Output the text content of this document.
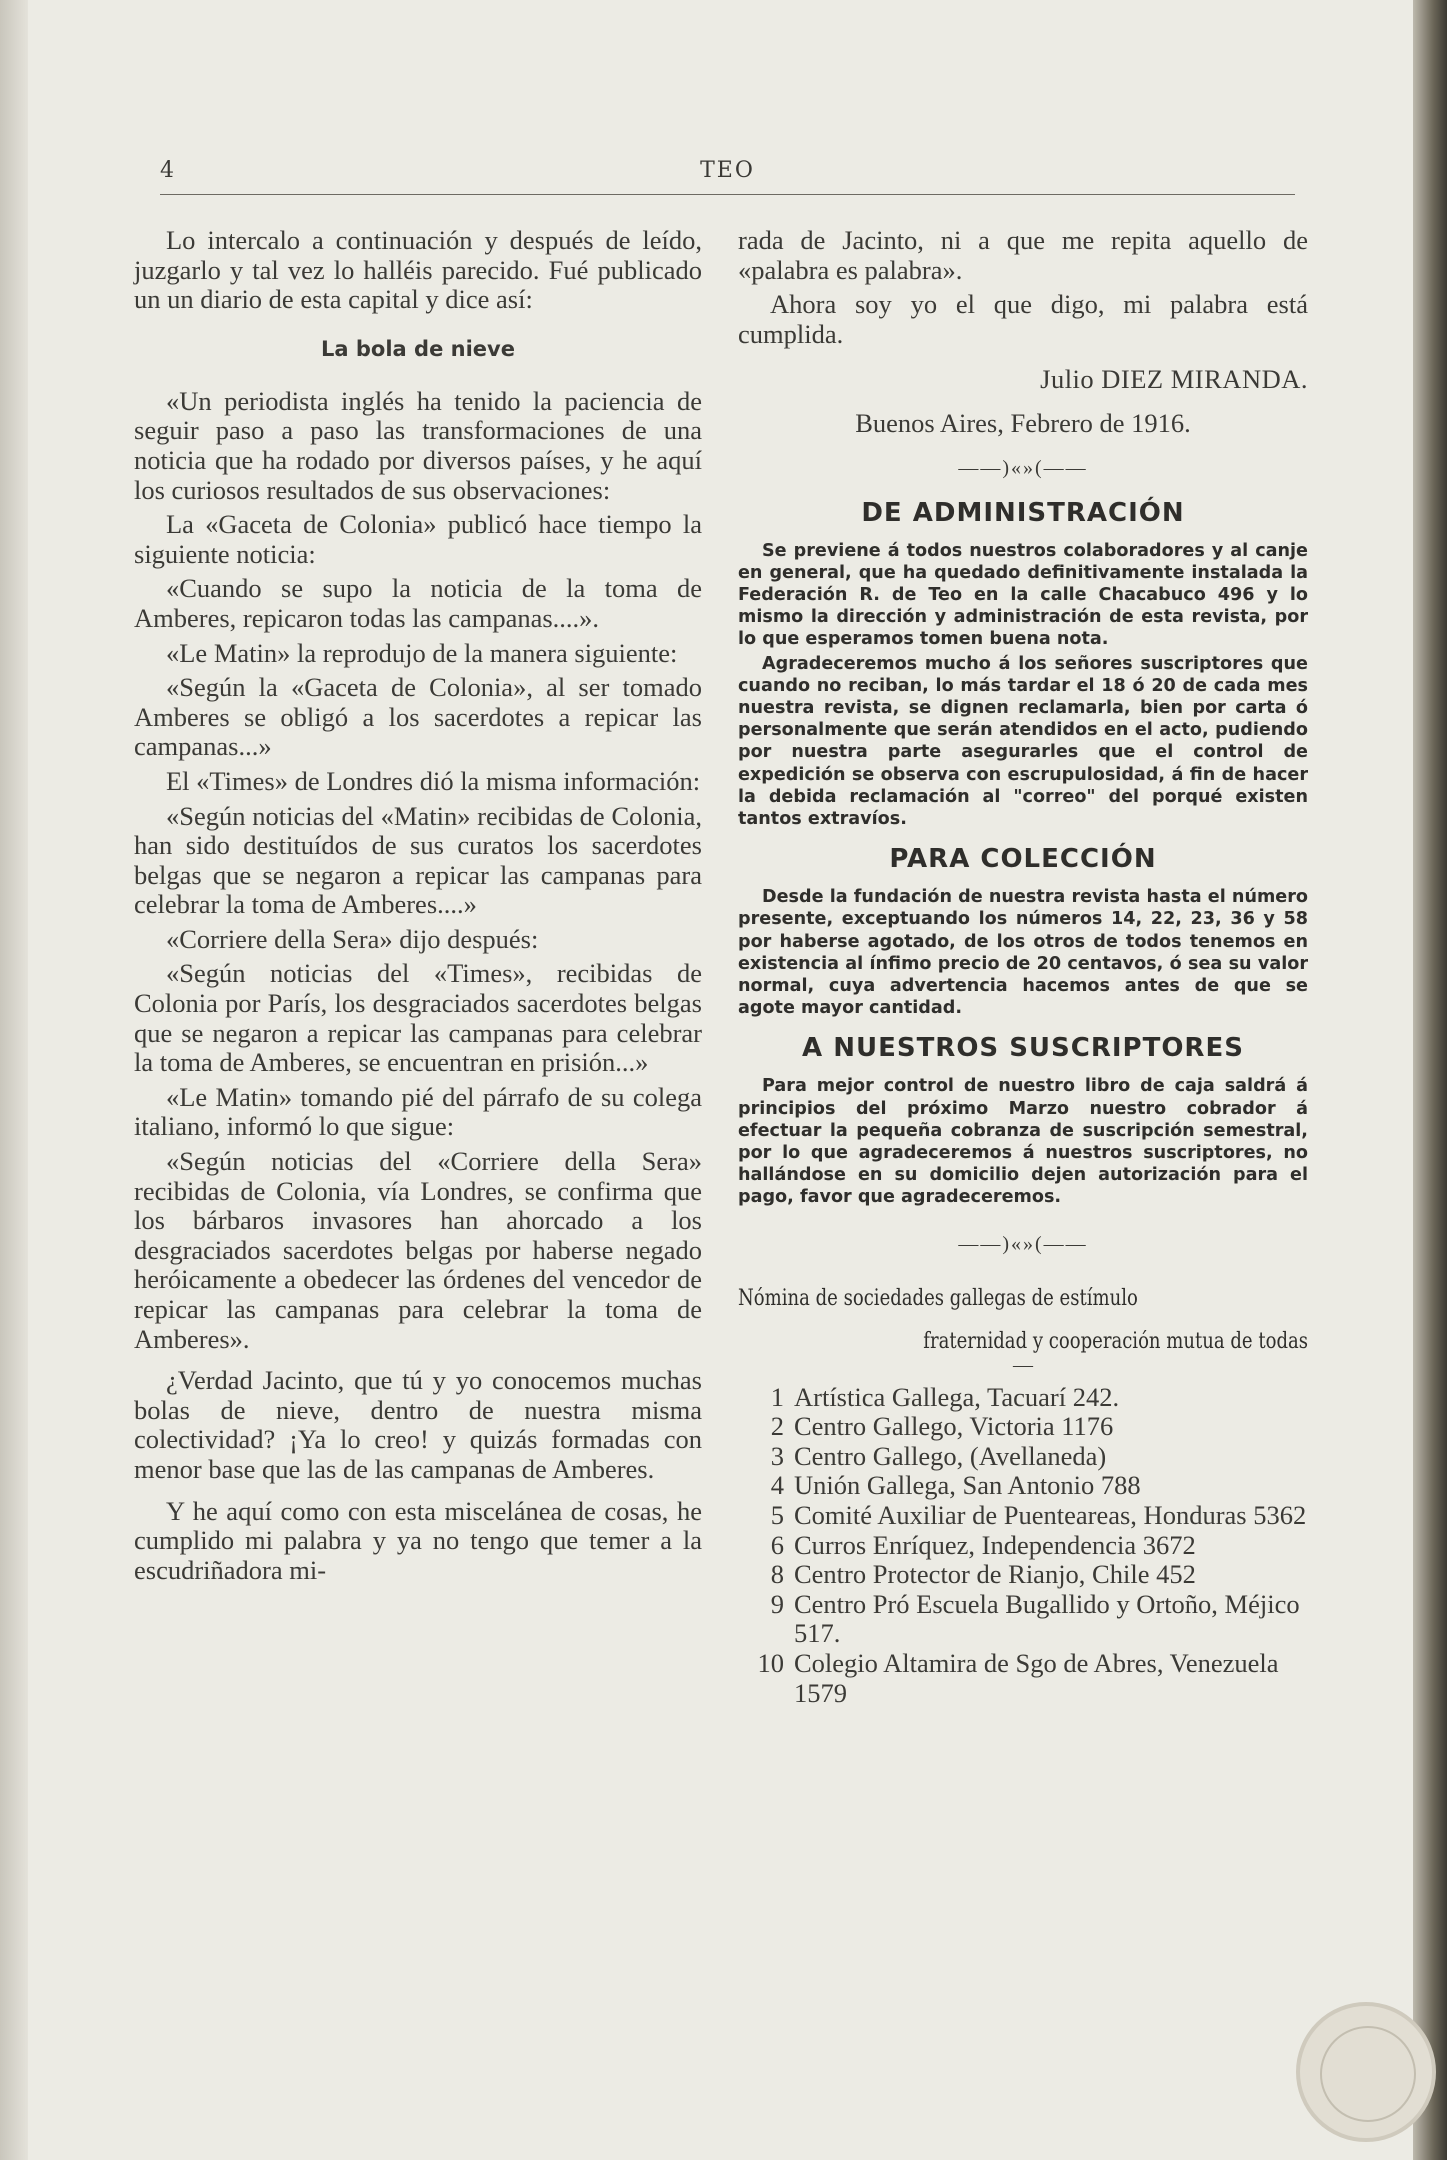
4	TEO

Lo intercalo a continuación y después de leído, juzgarlo y tal vez lo halléis parecido. Fué publicado un un diario de esta capital y dice así:

La bola de nieve

«Un periodista inglés ha tenido la paciencia de seguir paso a paso las transformaciones de una noticia que ha rodado por diversos países, y he aquí los curiosos resultados de sus observaciones:

La «Gaceta de Colonia» publicó hace tiempo la siguiente noticia:

«Cuando se supo la noticia de la toma de Amberes, repicaron todas las campanas....».

«Le Matin» la reprodujo de la manera siguiente:

«Según la «Gaceta de Colonia», al ser tomado Amberes se obligó a los sacerdotes a repicar las campanas...»

El «Times» de Londres dió la misma información:

«Según noticias del «Matin» recibidas de Colonia, han sido destituídos de sus curatos los sacerdotes belgas que se negaron a repicar las campanas para celebrar la toma de Amberes....»

«Corriere della Sera» dijo después:

«Según noticias del «Times», recibidas de Colonia por París, los desgraciados sacerdotes belgas que se negaron a repicar las campanas para celebrar la toma de Amberes, se encuentran en prisión...»

«Le Matin» tomando pié del párrafo de su colega italiano, informó lo que sigue:

«Según noticias del «Corriere della Sera» recibidas de Colonia, vía Londres, se confirma que los bárbaros invasores han ahorcado a los desgraciados sacerdotes belgas por haberse negado heróicamente a obedecer las órdenes del vencedor de repicar las campanas para celebrar la toma de Amberes».

¿Verdad Jacinto, que tú y yo conocemos muchas bolas de nieve, dentro de nuestra misma colectividad? ¡Ya lo creo! y quizás formadas con menor base que las de las campanas de Amberes.

Y he aquí como con esta miscelánea de cosas, he cumplido mi palabra y ya no tengo que temer a la escudriñadora mi-

rada de Jacinto, ni a que me repita aquello de «palabra es palabra».

Ahora soy yo el que digo, mi palabra está cumplida.

Julio DIEZ MIRANDA.
Buenos Aires, Febrero de 1916.
——)«»(——
DE ADMINISTRACIÓN

Se previene á todos nuestros colaboradores y al canje en general, que ha quedado definitivamente instalada la Federación R. de Teo en la calle Chacabuco 496 y lo mismo la dirección y administración de esta revista, por lo que esperamos tomen buena nota.

Agradeceremos mucho á los señores suscriptores que cuando no reciban, lo más tardar el 18 ó 20 de cada mes nuestra revista, se dignen reclamarla, bien por carta ó personalmente que serán atendidos en el acto, pudiendo por nuestra parte asegurarles que el control de expedición se observa con escrupulosidad, á fin de hacer la debida reclamación al "correo" del porqué existen tantos extravíos.

PARA COLECCIÓN

Desde la fundación de nuestra revista hasta el número presente, exceptuando los números 14, 22, 23, 36 y 58 por haberse agotado, de los otros de todos tenemos en existencia al ínfimo precio de 20 centavos, ó sea su valor normal, cuya advertencia hacemos antes de que se agote mayor cantidad.

A NUESTROS SUSCRIPTORES

Para mejor control de nuestro libro de caja saldrá á principios del próximo Marzo nuestro cobrador á efectuar la pequeña cobranza de suscripción semestral, por lo que agradeceremos á nuestros suscriptores, no hallándose en su domicilio dejen autorización para el pago, favor que agradeceremos.

——)«»(——
Nómina de sociedades gallegas de estímulo
fraternidad y cooperación mutua de todas
—
1 Artística Gallega, Tacuarí 242.
2 Centro Gallego, Victoria 1176
3 Centro Gallego, (Avellaneda)
4 Unión Gallega, San Antonio 788
5 Comité Auxiliar de Puenteareas, Honduras 5362
6 Curros Enríquez, Independencia 3672
8 Centro Protector de Rianjo, Chile 452
9 Centro Pró Escuela Bugallido y Ortoño, Méjico 517.
10 Colegio Altamira de Sgo de Abres, Venezuela 1579
